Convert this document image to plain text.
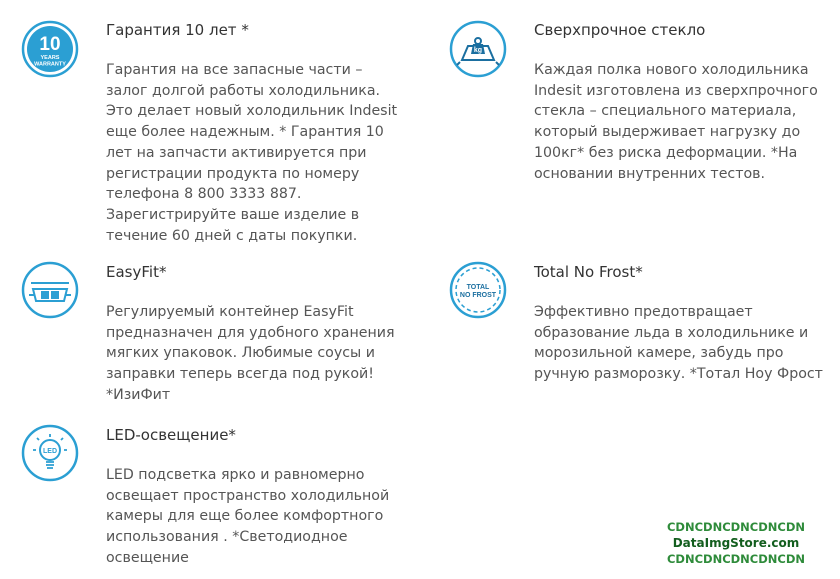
10
YEARS
WARRANTY
Гарантия 10 лет *
Гарантия на все запасные части –
залог долгой работы холодильника.
Это делает новый холодильник Indesit
еще более надежным. * Гарантия 10
лет на запчасти активируется при
регистрации продукта по номеру
телефона 8 800 3333 887.
Зарегистрируйте ваше изделие в
течение 60 дней с даты покупки.
kg
Сверхпрочное стекло
Каждая полка нового холодильника
Indesit изготовлена из сверхпрочного
стекла – специального материала,
который выдерживает нагрузку до
100кг* без риска деформации. *На
основании внутренних тестов.
EasyFit*
Регулируемый контейнер EasyFit
предназначен для удобного хранения
мягких упаковок. Любимые соусы и
заправки теперь всегда под рукой!
*ИзиФит
TOTAL
NO FROST
Total No Frost*
Эффективно предотвращает
образование льда в холодильнике и
морозильной камере, забудь про
ручную разморозку. *Тотал Ноу Фрост
LED
LED-освещение*
LED подсветка ярко и равномерно
освещает пространство холодильной
камеры для еще более комфортного
использования . *Светодиодное
освещение
CDNCDNCDNCDNCDN
DataImgStore.com
CDNCDNCDNCDNCDN
